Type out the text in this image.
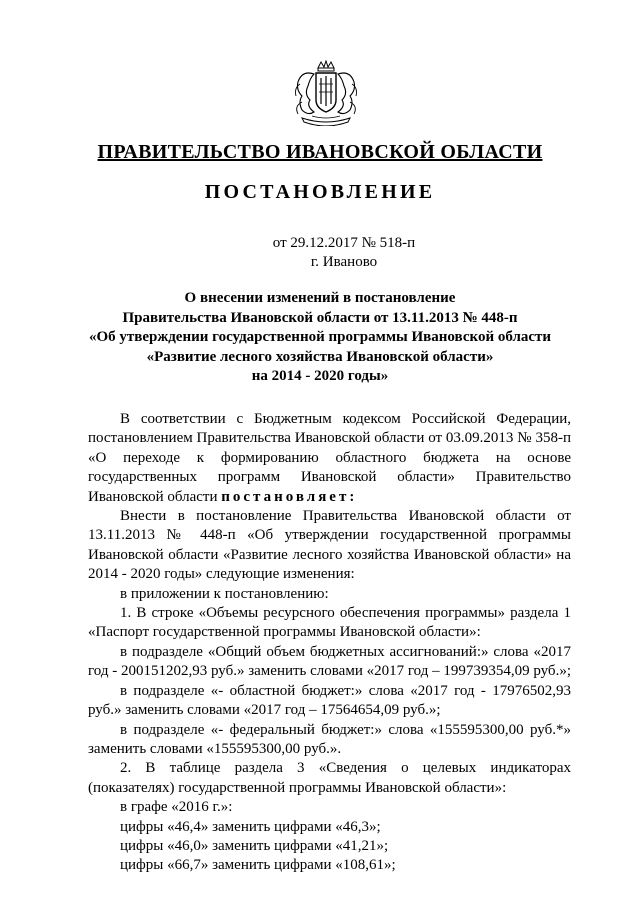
ПРАВИТЕЛЬСТВО ИВАНОВСКОЙ ОБЛАСТИ
ПОСТАНОВЛЕНИЕ
от 29.12.2017 № 518-п
г. Иваново
О внесении изменений в постановление
Правительства Ивановской области от 13.11.2013 № 448-п
«Об утверждении государственной программы Ивановской области
«Развитие лесного хозяйства Ивановской области»
на 2014 - 2020 годы»

В соответствии с Бюджетным кодексом Российской Федерации, постановлением Правительства Ивановской области от 03.09.2013 № 358-п «О переходе к формированию областного бюджета на основе государственных программ Ивановской области» Правительство Ивановской области постановляет:

Внести в постановление Правительства Ивановской области от 13.11.2013 № 448-п «Об утверждении государственной программы Ивановской области «Развитие лесного хозяйства Ивановской области» на 2014 - 2020 годы» следующие изменения:

в приложении к постановлению:

1. В строке «Объемы ресурсного обеспечения программы» раздела 1 «Паспорт государственной программы Ивановской области»:

в подразделе «Общий объем бюджетных ассигнований:» слова «2017 год - 200151202,93 руб.» заменить словами «2017 год – 199739354,09 руб.»;

в подразделе «- областной бюджет:» слова «2017 год - 17976502,93 руб.» заменить словами «2017 год – 17564654,09 руб.»;

в подразделе «- федеральный бюджет:» слова «155595300,00 руб.*» заменить словами «155595300,00 руб.».

2. В таблице раздела 3 «Сведения о целевых индикаторах (показателях) государственной программы Ивановской области»:

в графе «2016 г.»:

цифры «46,4» заменить цифрами «46,3»;

цифры «46,0» заменить цифрами «41,21»;

цифры «66,7» заменить цифрами «108,61»;
